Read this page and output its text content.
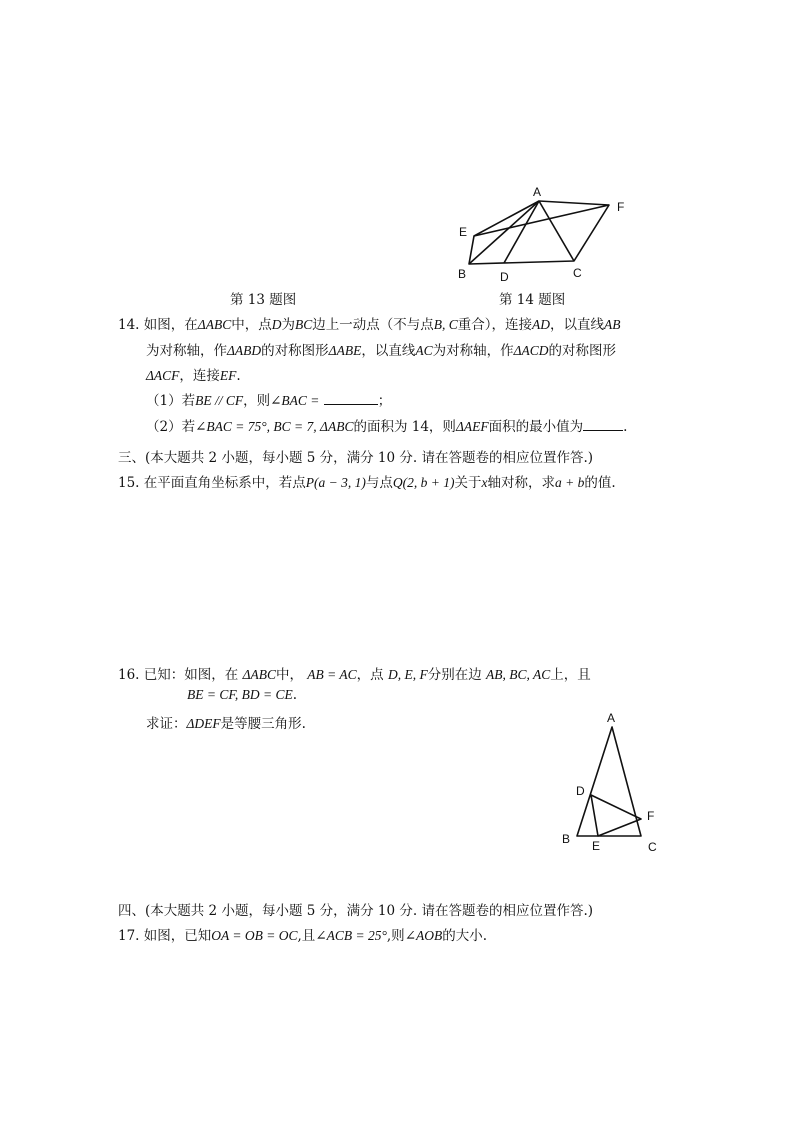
A
F
E
B	D	C
第 13 题图	第 14 题图
14. 如图，在ΔABC中，点D为BC边上一动点（不与点B, C重合），连接AD，以直线AB
为对称轴，作ΔABD的对称图形ΔABE，以直线AC为对称轴，作ΔACD的对称图形
ΔACF，连接EF.
（1）若BE // CF，则∠BAC =	；
（2）若∠BAC = 75°, BC = 7, ΔABC的面积为 14，则ΔAEF面积的最小值为	.
三、(本大题共 2 小题，每小题 5 分，满分 10 分. 请在答题卷的相应位置作答.)
15. 在平面直角坐标系中，若点P(a − 3, 1)与点Q(2, b + 1)关于x轴对称，求a + b的值.
16. 已知：如图，在 ΔABC中， AB = AC，点 D, E, F分别在边 AB, BC, AC上，且
BE = CF, BD = CE.
求证：ΔDEF是等腰三角形.	A
D
F
B E	C
四、(本大题共 2 小题，每小题 5 分，满分 10 分. 请在答题卷的相应位置作答.)
17. 如图，已知OA = OB = OC,且∠ACB = 25°,则∠AOB的大小.
